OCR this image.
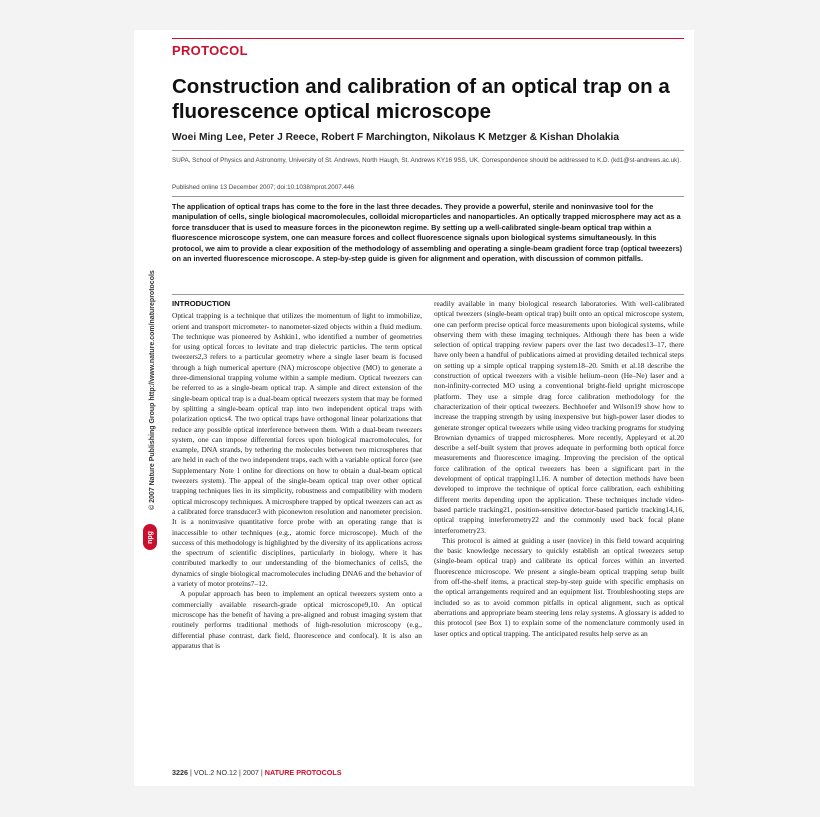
PROTOCOL
Construction and calibration of an optical trap on a fluorescence optical microscope
Woei Ming Lee, Peter J Reece, Robert F Marchington, Nikolaus K Metzger & Kishan Dholakia
SUPA, School of Physics and Astronomy, University of St. Andrews, North Haugh, St. Andrews KY16 9SS, UK. Correspondence should be addressed to K.D. (kd1@st-andrews.ac.uk).
Published online 13 December 2007; doi:10.1038/nprot.2007.446
The application of optical traps has come to the fore in the last three decades. They provide a powerful, sterile and noninvasive tool for the manipulation of cells, single biological macromolecules, colloidal microparticles and nanoparticles. An optically trapped microsphere may act as a force transducer that is used to measure forces in the piconewton regime. By setting up a well-calibrated single-beam optical trap within a fluorescence microscope system, one can measure forces and collect fluorescence signals upon biological systems simultaneously. In this protocol, we aim to provide a clear exposition of the methodology of assembling and operating a single-beam gradient force trap (optical tweezers) on an inverted fluorescence microscope. A step-by-step guide is given for alignment and operation, with discussion of common pitfalls.
© 2007 Nature Publishing Group http://www.nature.com/natureprotocols
npg
INTRODUCTION

Optical trapping is a technique that utilizes the momentum of light to immobilize, orient and transport micrometer- to nanometer-sized objects within a fluid medium. The technique was pioneered by Ashkin1, who identified a number of geometries for using optical forces to levitate and trap dielectric particles. The term optical tweezers2,3 refers to a particular geometry where a single laser beam is focused through a high numerical aperture (NA) microscope objective (MO) to generate a three-dimensional trapping volume within a sample medium. Optical tweezers can be referred to as a single-beam optical trap. A simple and direct extension of the single-beam optical trap is a dual-beam optical tweezers system that may be formed by splitting a single-beam optical trap into two independent optical traps with polarization optics4. The two optical traps have orthogonal linear polarizations that reduce any possible optical interference between them. With a dual-beam tweezers system, one can impose differential forces upon biological macromolecules, for example, DNA strands, by tethering the molecules between two microspheres that are held in each of the two independent traps, each with a variable optical force (see Supplementary Note 1 online for directions on how to obtain a dual-beam optical tweezers system). The appeal of the single-beam optical trap over other optical trapping techniques lies in its simplicity, robustness and compatibility with modern optical microscopy techniques. A microsphere trapped by optical tweezers can act as a calibrated force transducer3 with piconewton resolution and nanometer precision. It is a noninvasive quantitative force probe with an operating range that is inaccessible to other techniques (e.g., atomic force microscope). Much of the success of this methodology is highlighted by the diversity of its applications across the spectrum of scientific disciplines, particularly in biology, where it has contributed markedly to our understanding of the biomechanics of cells5, the dynamics of single biological macromolecules including DNA6 and the behavior of a variety of motor proteins7–12.

A popular approach has been to implement an optical tweezers system onto a commercially available research-grade optical microscope9,10. An optical microscope has the benefit of having a pre-aligned and robust imaging system that routinely performs traditional methods of high-resolution microscopy (e.g., differential phase contrast, dark field, fluorescence and confocal). It is also an apparatus that is

readily available in many biological research laboratories. With well-calibrated optical tweezers (single-beam optical trap) built onto an optical microscope system, one can perform precise optical force measurements upon biological systems, while observing them with these imaging techniques. Although there has been a wide selection of optical trapping review papers over the last two decades13–17, there have only been a handful of publications aimed at providing detailed technical steps on setting up a simple optical trapping system18–20. Smith et al.18 describe the construction of optical tweezers with a visible helium–neon (He–Ne) laser and a non-infinity-corrected MO using a conventional bright-field upright microscope platform. They use a simple drag force calibration methodology for the characterization of their optical tweezers. Bechhoefer and Wilson19 show how to increase the trapping strength by using inexpensive but high-power laser diodes to generate stronger optical tweezers while using video tracking programs for studying Brownian dynamics of trapped microspheres. More recently, Appleyard et al.20 describe a self-built system that proves adequate in performing both optical force measurements and fluorescence imaging. Improving the precision of the optical force calibration of the optical tweezers has been a significant part in the development of optical trapping11,16. A number of detection methods have been developed to improve the technique of optical force calibration, each exhibiting different merits depending upon the application. These techniques include video-based particle tracking21, position-sensitive detector-based particle tracking14,16, optical trapping interferometry22 and the commonly used back focal plane interferometry23.

This protocol is aimed at guiding a user (novice) in this field toward acquiring the basic knowledge necessary to quickly establish an optical tweezers setup (single-beam optical trap) and calibrate its optical forces within an inverted fluorescence microscope. We present a single-beam optical trapping setup built from off-the-shelf items, a practical step-by-step guide with specific emphasis on the optical arrangements required and an equipment list. Troubleshooting steps are included so as to avoid common pitfalls in optical alignment, such as optical aberrations and appropriate beam steering lens relay systems. A glossary is added to this protocol (see Box 1) to explain some of the nomenclature commonly used in laser optics and optical trapping. The anticipated results help serve as an

3226 | VOL.2 NO.12 | 2007 | NATURE PROTOCOLS
